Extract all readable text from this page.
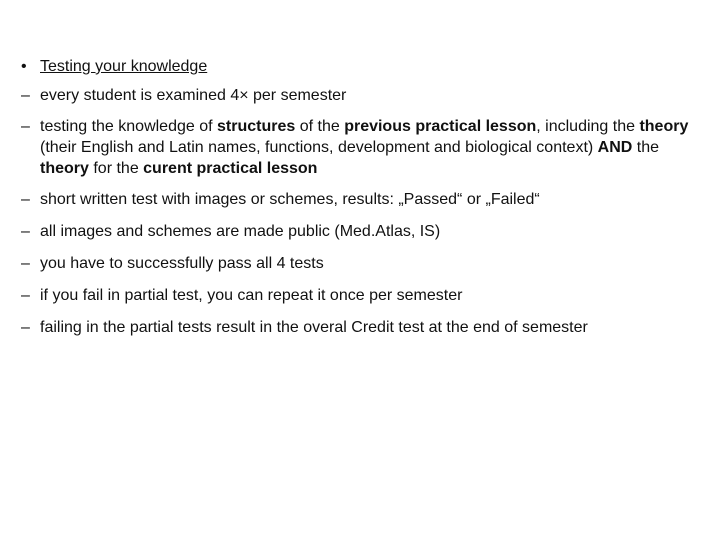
• Testing your knowledge
– every student is examined 4× per semester
– testing the knowledge of structures of the previous practical lesson, including the theory (their English and Latin names, functions, development and biological context) AND the theory for the curent practical lesson
– short written test with images or schemes, results: „Passed“ or „Failed“
– all images and schemes are made public (Med.Atlas, IS)
– you have to successfully pass all 4 tests
– if you fail in partial test, you can repeat it once per semester
– failing in the partial tests result in the overal Credit test at the end of semester
